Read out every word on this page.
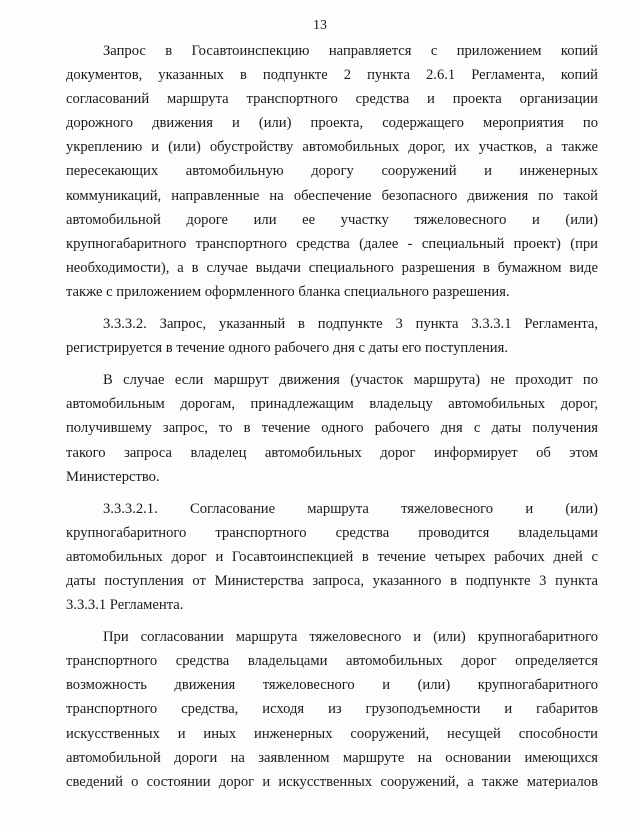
13

Запрос в Госавтоинспекцию направляется с приложением копий
документов, указанных в подпункте 2 пункта 2.6.1 Регламента, копий
согласований маршрута транспортного средства и проекта организации
дорожного движения и (или) проекта, содержащего мероприятия по
укреплению и (или) обустройству автомобильных дорог, их участков, а также
пересекающих автомобильную дорогу сооружений и инженерных
коммуникаций, направленные на обеспечение безопасного движения по такой
автомобильной дороге или ее участку тяжеловесного и (или)
крупногабаритного транспортного средства (далее - специальный проект) (при
необходимости), а в случае выдачи специального разрешения в бумажном виде
также с приложением оформленного бланка специального разрешения.

3.3.3.2. Запрос, указанный в подпункте 3 пункта 3.3.3.1 Регламента,
регистрируется в течение одного рабочего дня с даты его поступления.

В случае если маршрут движения (участок маршрута) не проходит по
автомобильным дорогам, принадлежащим владельцу автомобильных дорог,
получившему запрос, то в течение одного рабочего дня с даты получения
такого запроса владелец автомобильных дорог информирует об этом
Министерство.

3.3.3.2.1. Согласование маршрута тяжеловесного и (или)
крупногабаритного транспортного средства проводится владельцами
автомобильных дорог и Госавтоинспекцией в течение четырех рабочих дней с
даты поступления от Министерства запроса, указанного в подпункте 3 пункта
3.3.3.1 Регламента.

При согласовании маршрута тяжеловесного и (или) крупногабаритного
транспортного средства владельцами автомобильных дорог определяется
возможность движения тяжеловесного и (или) крупногабаритного
транспортного средства, исходя из грузоподъемности и габаритов
искусственных и иных инженерных сооружений, несущей способности
автомобильной дороги на заявленном маршруте на основании имеющихся
сведений о состоянии дорог и искусственных сооружений, а также материалов
